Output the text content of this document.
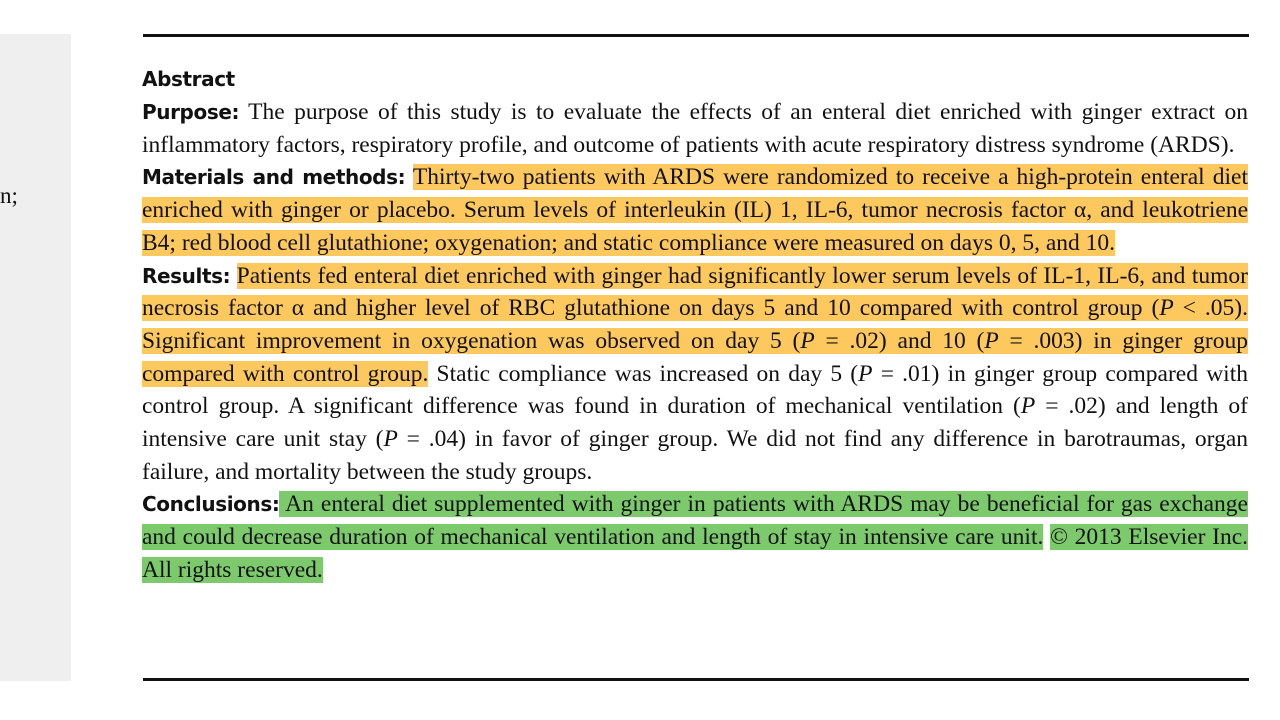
n;
Abstract

Purpose: The purpose of this study is to evaluate the effects of an enteral diet enriched with ginger extract on inflammatory factors, respiratory profile, and outcome of patients with acute respiratory distress syndrome (ARDS).

Materials and methods: Thirty-two patients with ARDS were randomized to receive a high-protein enteral diet enriched with ginger or placebo. Serum levels of interleukin (IL) 1, IL-6, tumor necrosis factor α, and leukotriene B4; red blood cell glutathione; oxygenation; and static compliance were measured on days 0, 5, and 10.

Results: Patients fed enteral diet enriched with ginger had significantly lower serum levels of IL-1, IL-6, and tumor necrosis factor α and higher level of RBC glutathione on days 5 and 10 compared with control group (P < .05). Significant improvement in oxygenation was observed on day 5 (P = .02) and 10 (P = .003) in ginger group compared with control group. Static compliance was increased on day 5 (P = .01) in ginger group compared with control group. A significant difference was found in duration of mechanical ventilation (P = .02) and length of intensive care unit stay (P = .04) in favor of ginger group. We did not find any difference in barotraumas, organ failure, and mortality between the study groups.

Conclusions: An enteral diet supplemented with ginger in patients with ARDS may be beneficial for gas exchange and could decrease duration of mechanical ventilation and length of stay in intensive care unit. © 2013 Elsevier Inc. All rights reserved.
